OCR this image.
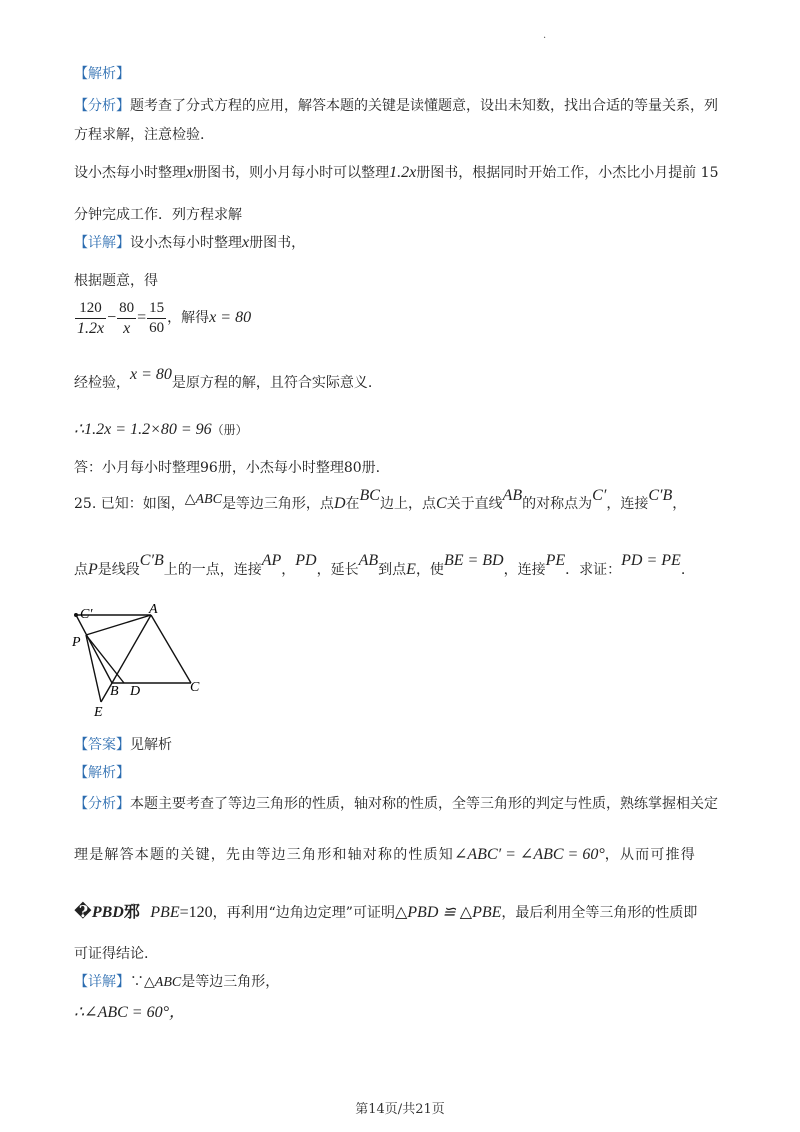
.
【解析】
【分析】题考查了分式方程的应用，解答本题的关键是读懂题意，设出未知数，找出合适的等量关系，列
方程求解，注意检验.
设小杰每小时整理x册图书，则小月每小时可以整理1.2x册图书，根据同时开始工作，小杰比小月提前 15
分钟完成工作．列方程求解
【详解】设小杰每小时整理x册图书，
根据题意，得
$\frac{120}{1.2x} - \frac{80}{x} = \frac{15}{60}$ ，解得x = 80
经检验，x = 80是原方程的解，且符合实际意义.
∴1.2x = 1.2×80 = 96（册）
答：小月每小时整理96册，小杰每小时整理80册.
25. 已知：如图，△ABC是等边三角形，点D在BC边上，点C关于直线AB的对称点为C′，连接C′B，
点P是线段C′B上的一点，连接AP，PD，延长AB到点E，使BE = BD，连接PE．求证：PD = PE.
C′	A
P
B D	C
E
【答案】见解析
【解析】
【分析】本题主要考查了等边三角形的性质，轴对称的性质，全等三角形的判定与性质，熟练掌握相关定
理是解答本题的关键，先由等边三角形和轴对称的性质知∠ABC′ = ∠ABC = 60°，从而可推得
�PBD邪 PBE=120，再利用“边角边定理”可证明△PBD ≌ △PBE，最后利用全等三角形的性质即
可证得结论.
【详解】∵△ABC是等边三角形，
∴∠ABC = 60°，
第14页/共21页
